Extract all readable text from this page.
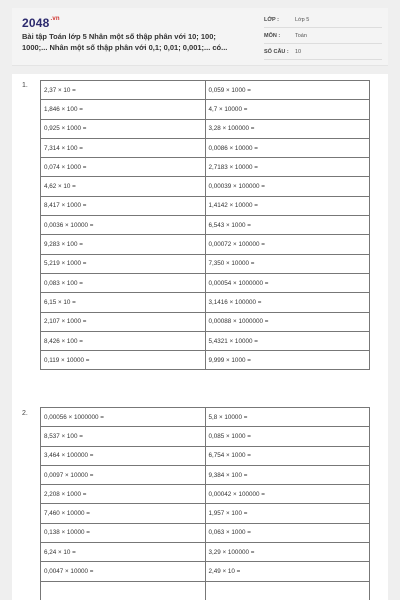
$2048^{.vn}$
Bài tập Toán lớp 5 Nhân một số thập phân với 10; 100; 1000;... Nhân một số thập phân với 0,1; 0,01; 0,001;... có...
LỚP :	Lớp 5
MÔN :	Toán
SỐ CÂU : 10
1.
2,37 × 10 =	0,059 × 1000 =
1,846 × 100 =	4,7 × 10000 =
0,925 × 1000 =	3,28 × 100000 =
7,314 × 100 =	0,0086 × 10000 =
0,074 × 1000 =	2,7183 × 10000 =
4,62 × 10 =	0,00039 × 100000 =
8,417 × 1000 =	1,4142 × 10000 =
0,0036 × 10000 =	6,543 × 1000 =
9,283 × 100 =	0,00072 × 100000 =
5,219 × 1000 =	7,350 × 10000 =
0,083 × 100 =	0,00054 × 1000000 =
6,15 × 10 =	3,1416 × 100000 =
2,107 × 1000 =	0,00088 × 1000000 =
8,426 × 100 =	5,4321 × 10000 =
0,119 × 10000 =	9,999 × 1000 =
2.
0,00056 × 1000000 =	5,8 × 10000 =
8,537 × 100 =	0,085 × 1000 =
3,464 × 100000 =	6,754 × 1000 =
0,0097 × 10000 =	9,384 × 100 =
2,208 × 1000 =	0,00042 × 100000 =
7,460 × 10000 =	1,957 × 100 =
0,138 × 10000 =	0,063 × 1000 =
6,24 × 10 =	3,29 × 100000 =
0,0047 × 10000 =	2,49 × 10 =
